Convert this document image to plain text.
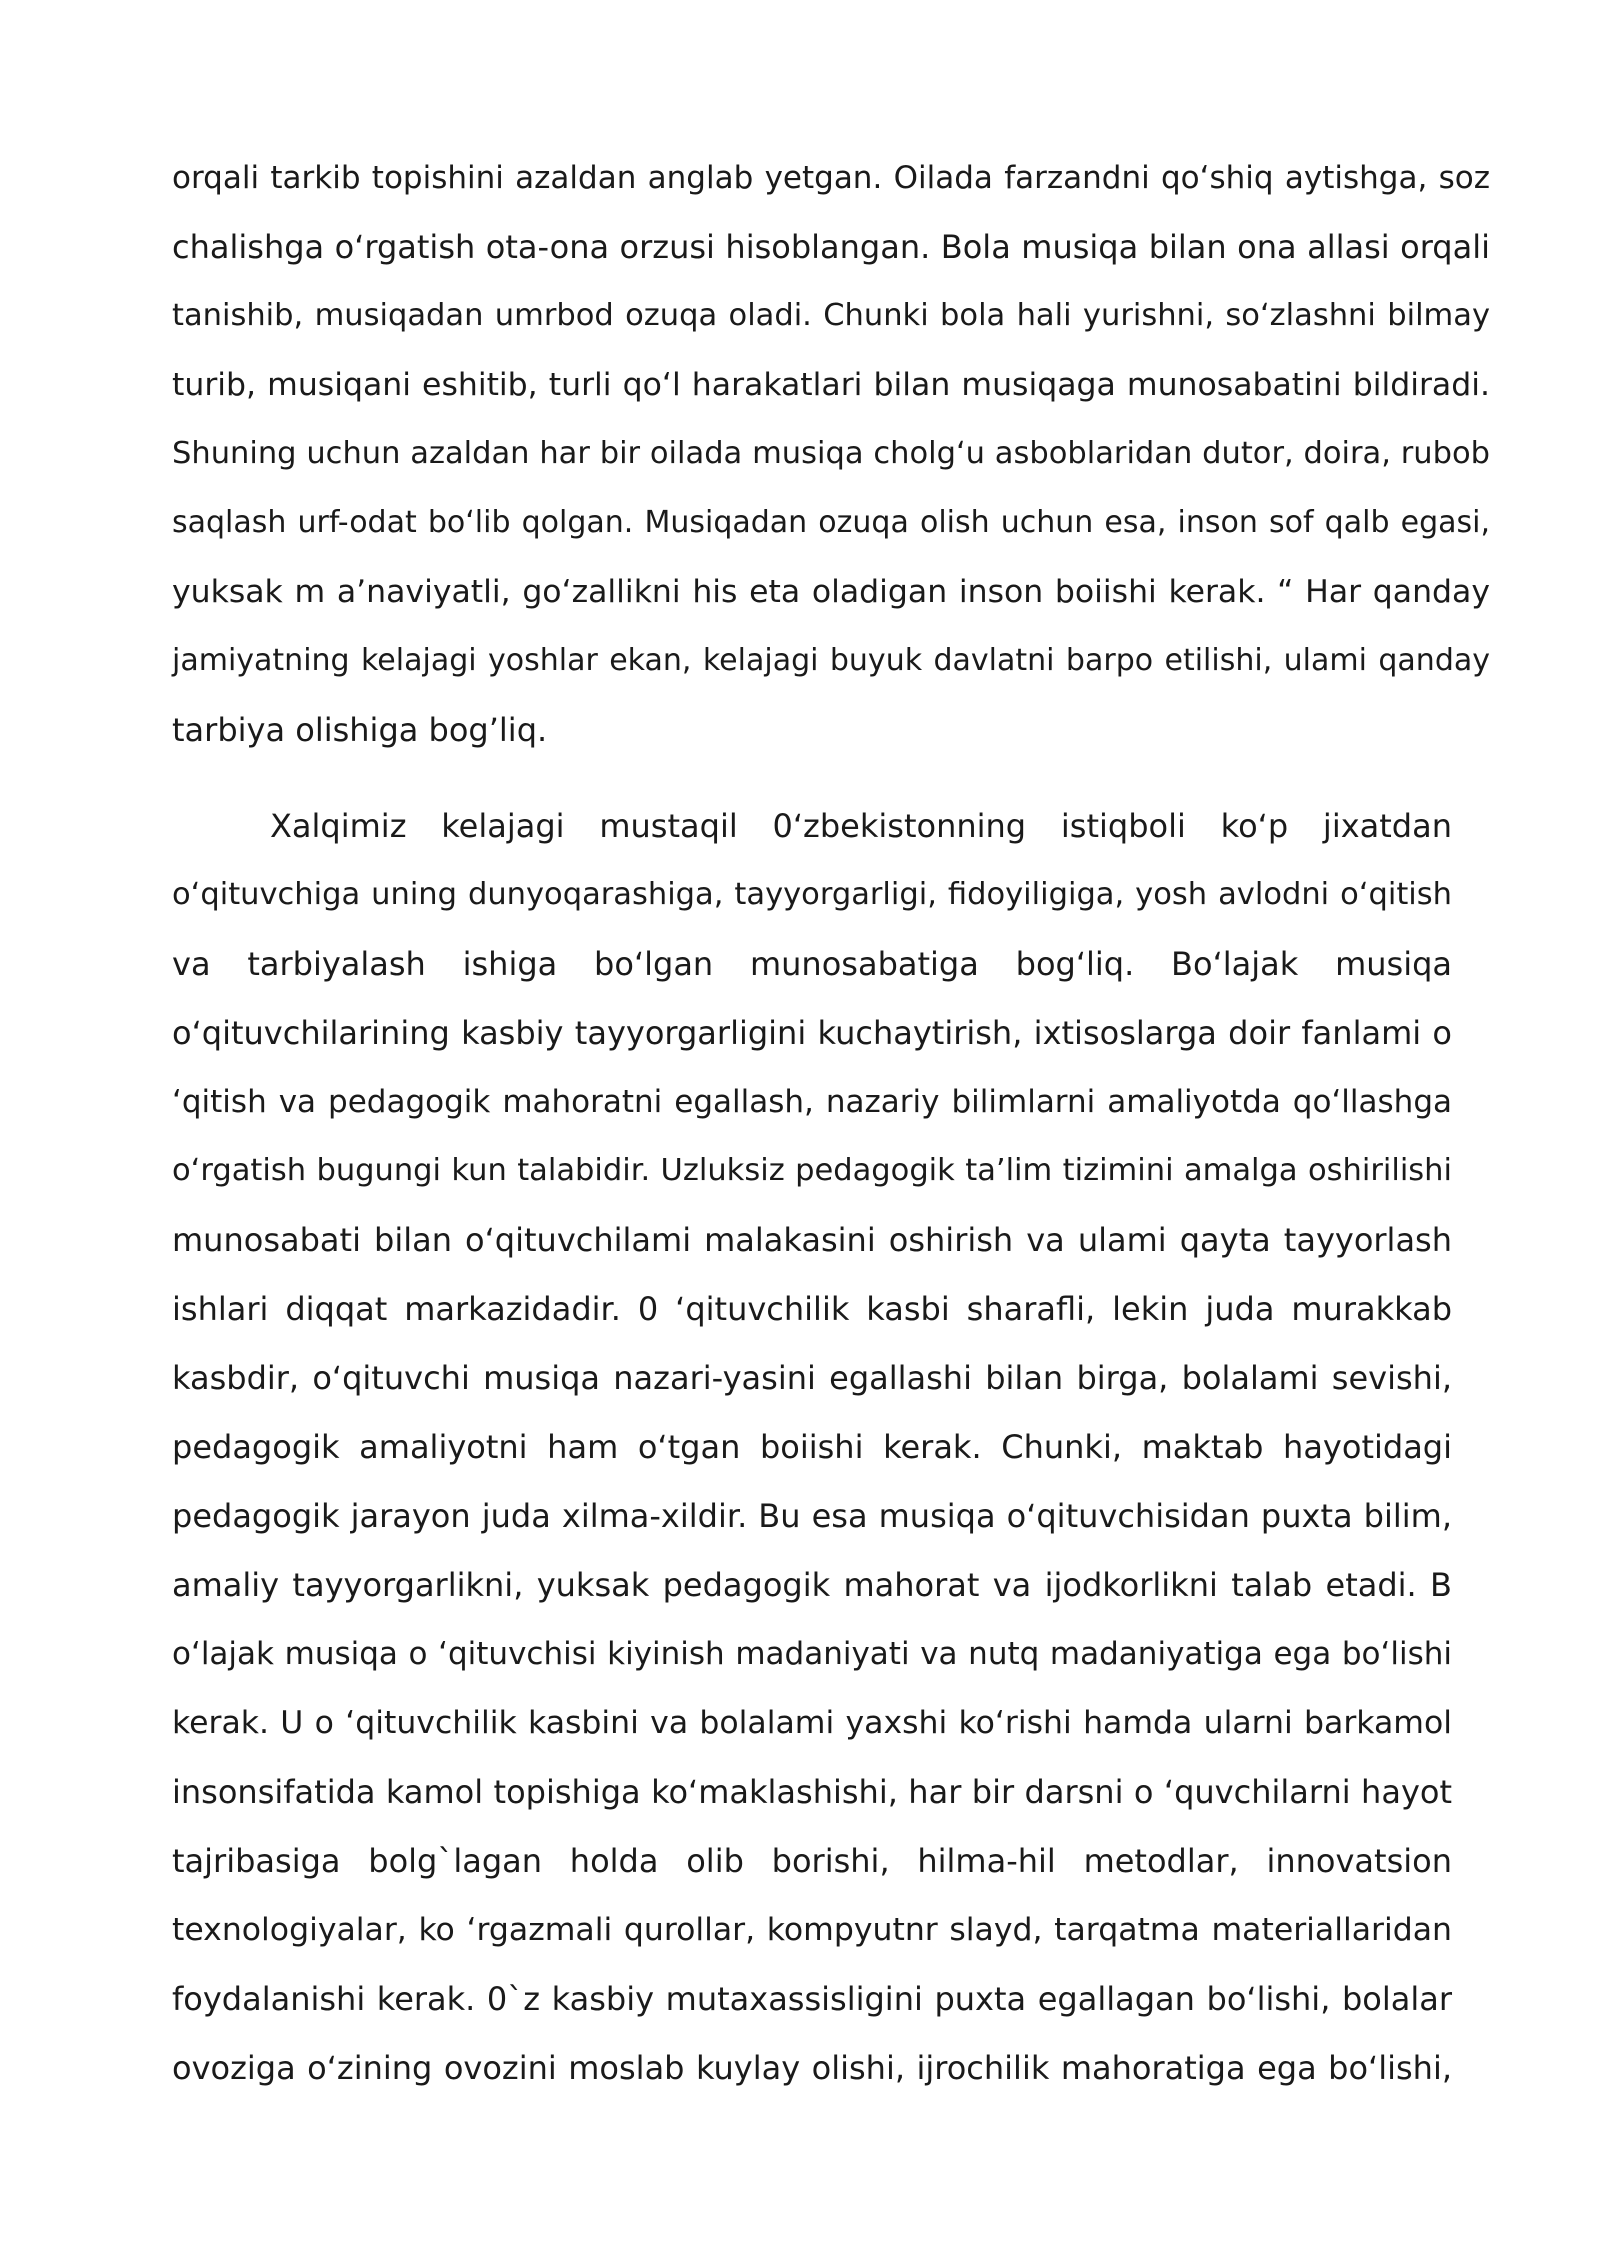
orqali tarkib topishini azaldan anglab yetgan. Oilada farzandni qoʻshiq aytishga, soz

chalishga oʻrgatish ota-ona orzusi hisoblangan. Bola musiqa bilan ona allasi orqali

tanishib, musiqadan umrbod ozuqa oladi. Chunki bola hali yurishni, soʻzlashni bilmay

turib, musiqani eshitib, turli qoʻl harakatlari bilan musiqaga munosabatini bildiradi.

Shuning uchun azaldan har bir oilada musiqa cholgʻu asboblaridan dutor, doira, rubob

saqlash urf-odat boʻlib qolgan. Musiqadan ozuqa olish uchun esa, inson sof qalb egasi,

yuksak m a’naviyatli, goʻzallikni his eta oladigan inson boiishi kerak. “ Har qanday

jamiyatning kelajagi yoshlar ekan, kelajagi buyuk davlatni barpo etilishi, ulami qanday

tarbiya olishiga bog’liq.

Xalqimiz kelajagi mustaqil 0ʻzbekistonning istiqboli koʻp jixatdan

oʻqituvchiga uning dunyoqarashiga, tayyorgarligi, fidoyiligiga, yosh avlodni oʻqitish

va tarbiyalash ishiga boʻlgan munosabatiga bogʻliq. Boʻlajak musiqa

oʻqituvchilarining kasbiy tayyorgarligini kuchaytirish, ixtisoslarga doir fanlami o

ʻqitish va pedagogik mahoratni egallash, nazariy bilimlarni amaliyotda qoʻllashga

oʻrgatish bugungi kun talabidir. Uzluksiz pedagogik ta’lim tizimini amalga oshirilishi

munosabati bilan oʻqituvchilami malakasini oshirish va ulami qayta tayyorlash

ishlari diqqat markazidadir. 0 ʻqituvchilik kasbi sharafli, lekin juda murakkab

kasbdir, oʻqituvchi musiqa nazari-yasini egallashi bilan birga, bolalami sevishi,

pedagogik amaliyotni ham oʻtgan boiishi kerak. Chunki, maktab hayotidagi

pedagogik jarayon juda xilma-xildir. Bu esa musiqa oʻqituvchisidan puxta bilim,

amaliy tayyorgarlikni, yuksak pedagogik mahorat va ijodkorlikni talab etadi. B

oʻlajak musiqa o ʻqituvchisi kiyinish madaniyati va nutq madaniyatiga ega boʻlishi

kerak. U o ʻqituvchilik kasbini va bolalami yaxshi koʻrishi hamda ularni barkamol

insonsifatida kamol topishiga koʻmaklashishi, har bir darsni o ʻquvchilarni hayot

tajribasiga bolg`lagan holda olib borishi, hilma-hil metodlar, innovatsion

texnologiyalar, ko ʻrgazmali qurollar, kompyutnr slayd, tarqatma materiallaridan

foydalanishi kerak. 0`z kasbiy mutaxassisligini puxta egallagan boʻlishi, bolalar

ovoziga oʻzining ovozini moslab kuylay olishi, ijrochilik mahoratiga ega boʻlishi,
